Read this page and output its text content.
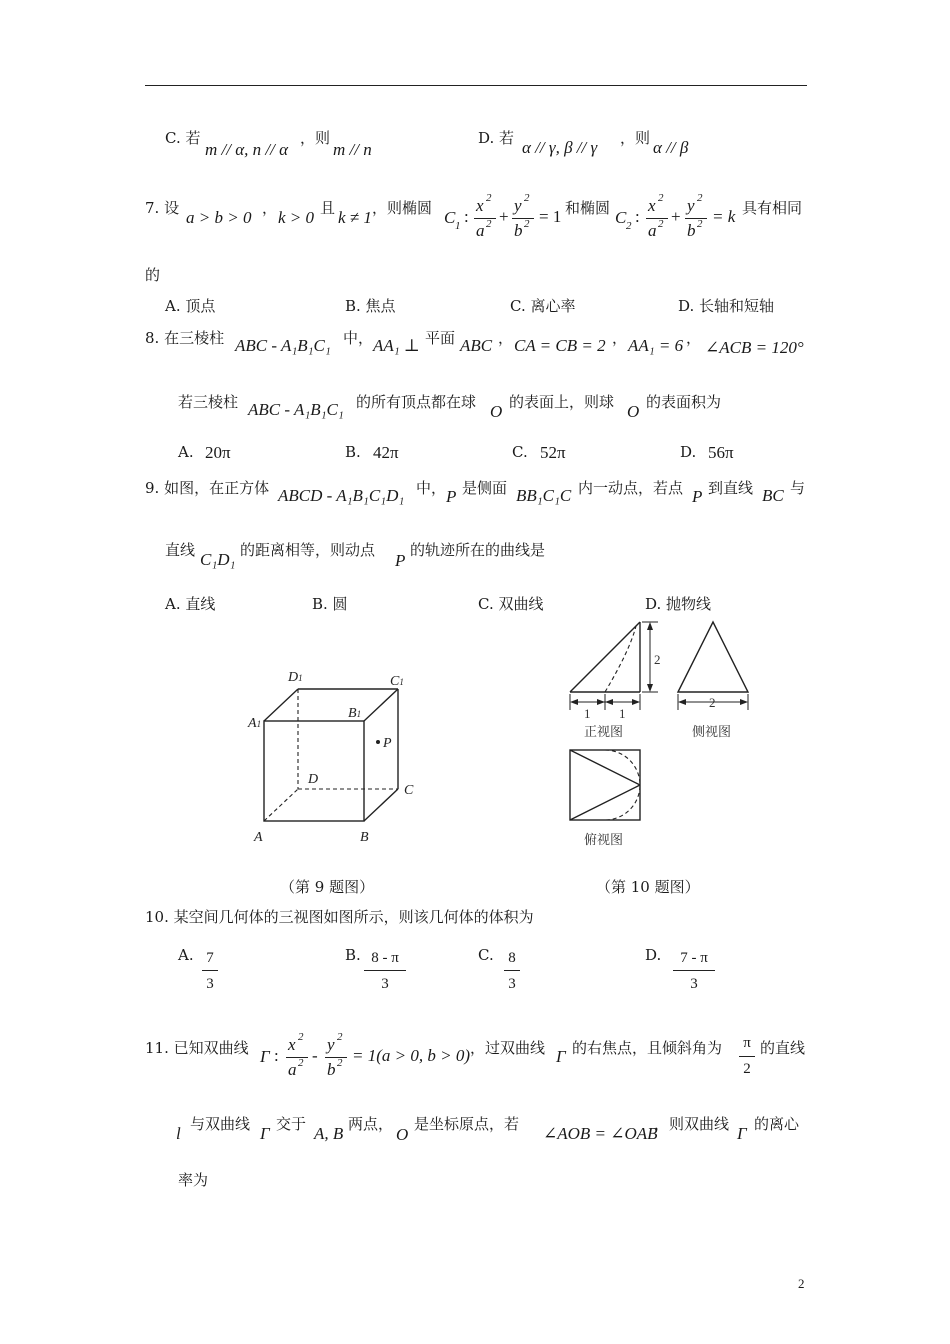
C. 若
m // α, n // α
，则
m // n
D. 若 α // γ, β // γ ，则 α // β
7. 设 a > b > 0 ， k > 0 且 k ≠ 1 ，则椭圆 C 1 :
x 2
a 2 +
y 2
b 2 = 1 和椭圆 C 2 :
x 2
a 2 +
y 2
b 2 = k 具有相同
的
A. 顶点	B. 焦点	C. 离心率	D. 长轴和短轴
8. 在三棱柱 ABC - A₁B₁C₁ 中， AA₁ ⊥ 平面 ABC ， CA = CB = 2 ， AA₁ = 6 ， ∠ACB = 120°
若三棱柱 ABC - A₁B₁C₁ 的所有顶点都在球 O 的表面上，则球 O 的表面积为
A. 20π	B. 42π	C. 52π	D. 56π
9. 如图，在正方体 ABCD - A₁B₁C₁D₁ 中， P 是侧面 BB₁C₁C 内一动点，若点 P 到直线 BC 与
直线 C₁D₁ 的距离相等，则动点
P
的轨迹所在的曲线是
A. 直线	B. 圆	C. 双曲线	D. 抛物线
D1	C1
A1
B1
P
D
C
A	B
2
1 1
2
正视图	侧视图
俯视图
（第 9 题图）	（第 10 题图）
10. 某空间几何体的三视图如图所示，则该几何体的体积为
A. 7
3
B. 8 - π
3
C. 8
3
D.	7 - π
3
11. 已知双曲线 Γ :
x 2
a 2 -
y 2
b 2 = 1(a > 0, b > 0) ，过双曲线 Γ 的右焦点，且倾斜角为	π
2
的直线
l 与双曲线 Γ 交于 A, B 两点，
O
是坐标原点，若 ∠AOB = ∠OAB
，则双曲线 Γ 的离心
率为
2
